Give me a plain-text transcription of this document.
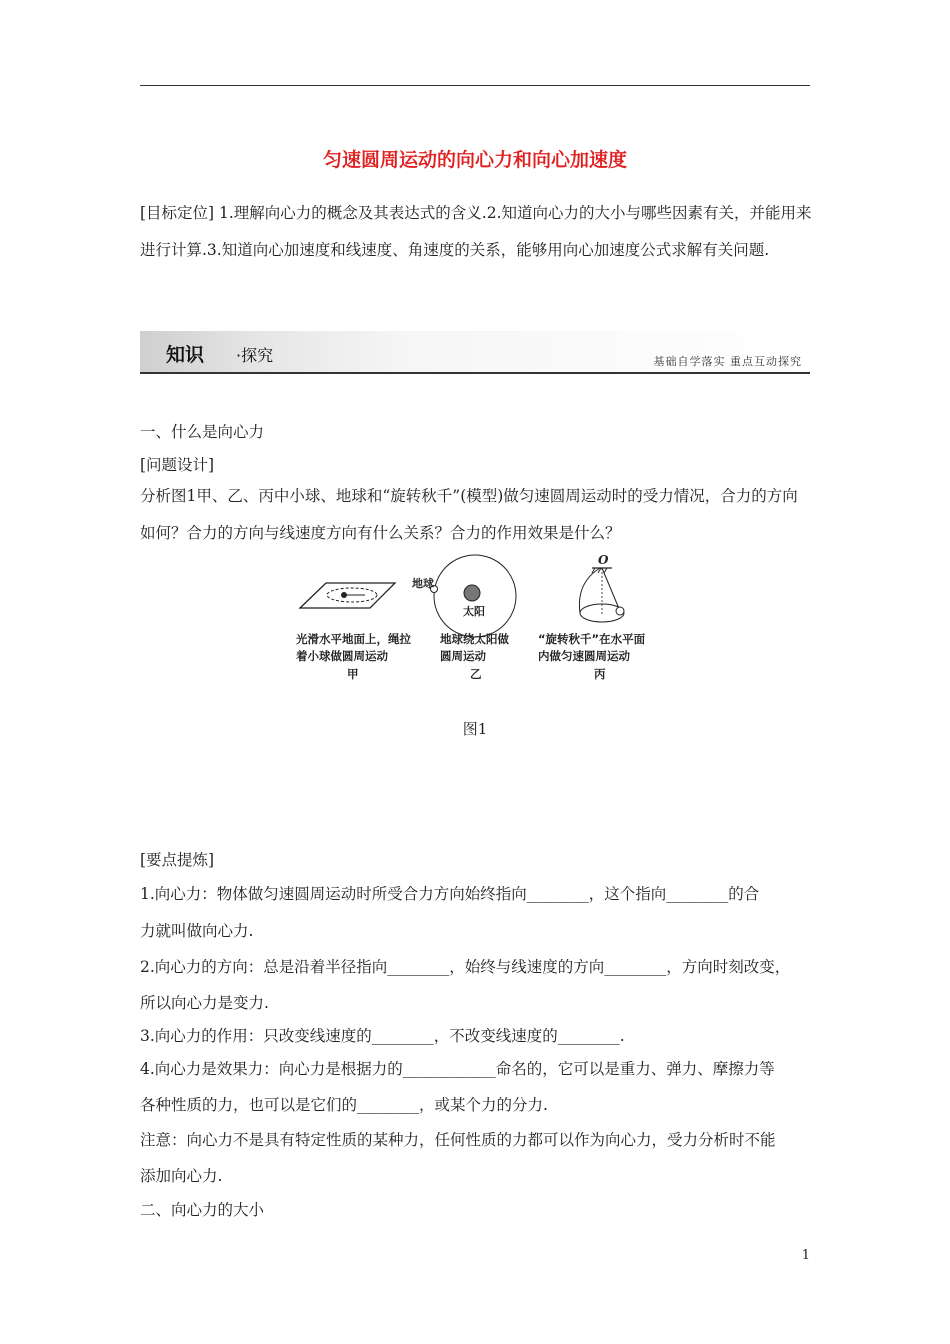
匀速圆周运动的向心力和向心加速度
[目标定位] 1.理解向心力的概念及其表达式的含义.2.知道向心力的大小与哪些因素有关，并能用来进行计算.3.知道向心加速度和线速度、角速度的关系，能够用向心加速度公式求解有关问题.
知识 ·探究	基础自学落实 重点互动探究
一、什么是向心力
[问题设计]
分析图1甲、乙、丙中小球、地球和“旋转秋千”(模型)做匀速圆周运动时的受力情况，合力的方向如何？合力的方向与线速度方向有什么关系？合力的作用效果是什么？
地球
太阳
O
光滑水平地面上，绳拉
着小球做圆周运动
地球绕太阳做
圆周运动
“旋转秋千”在水平面
内做匀速圆周运动
甲	乙	丙
图1
[要点提炼]
1.向心力：物体做匀速圆周运动时所受合力方向始终指向________，这个指向________的合
力就叫做向心力.
2.向心力的方向：总是沿着半径指向________，始终与线速度的方向________，方向时刻改变，
所以向心力是变力.
3.向心力的作用：只改变线速度的________，不改变线速度的________.
4.向心力是效果力：向心力是根据力的____________命名的，它可以是重力、弹力、摩擦力等
各种性质的力，也可以是它们的________，或某个力的分力.
注意：向心力不是具有特定性质的某种力，任何性质的力都可以作为向心力，受力分析时不能
添加向心力.
二、向心力的大小
1
